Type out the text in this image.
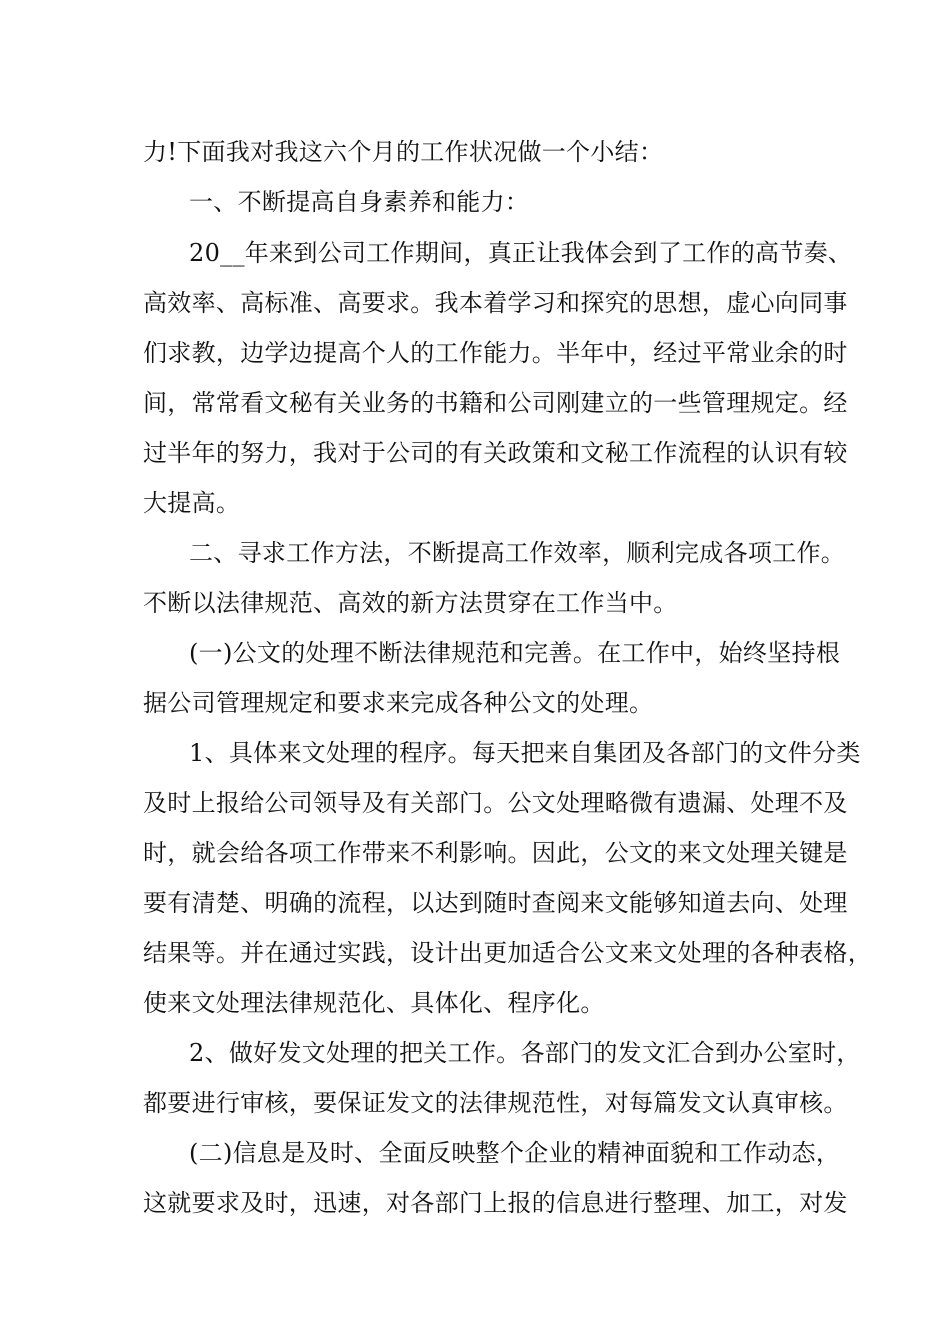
力!下面我对我这六个月的工作状况做一个小结：
一、不断提高自身素养和能力：
20__年来到公司工作期间，真正让我体会到了工作的高节奏、
高效率、高标准、高要求。我本着学习和探究的思想，虚心向同事
们求教，边学边提高个人的工作能力。半年中，经过平常业余的时
间，常常看文秘有关业务的书籍和公司刚建立的一些管理规定。经
过半年的努力，我对于公司的有关政策和文秘工作流程的认识有较
大提高。
二、寻求工作方法，不断提高工作效率，顺利完成各项工作。
不断以法律规范、高效的新方法贯穿在工作当中。
(一)公文的处理不断法律规范和完善。在工作中，始终坚持根
据公司管理规定和要求来完成各种公文的处理。
1、具体来文处理的程序。每天把来自集团及各部门的文件分类
及时上报给公司领导及有关部门。公文处理略微有遗漏、处理不及
时，就会给各项工作带来不利影响。因此，公文的来文处理关键是
要有清楚、明确的流程，以达到随时查阅来文能够知道去向、处理
结果等。并在通过实践，设计出更加适合公文来文处理的各种表格，
使来文处理法律规范化、具体化、程序化。
2、做好发文处理的把关工作。各部门的发文汇合到办公室时，
都要进行审核，要保证发文的法律规范性，对每篇发文认真审核。
(二)信息是及时、全面反映整个企业的精神面貌和工作动态，
这就要求及时，迅速，对各部门上报的信息进行整理、加工，对发
